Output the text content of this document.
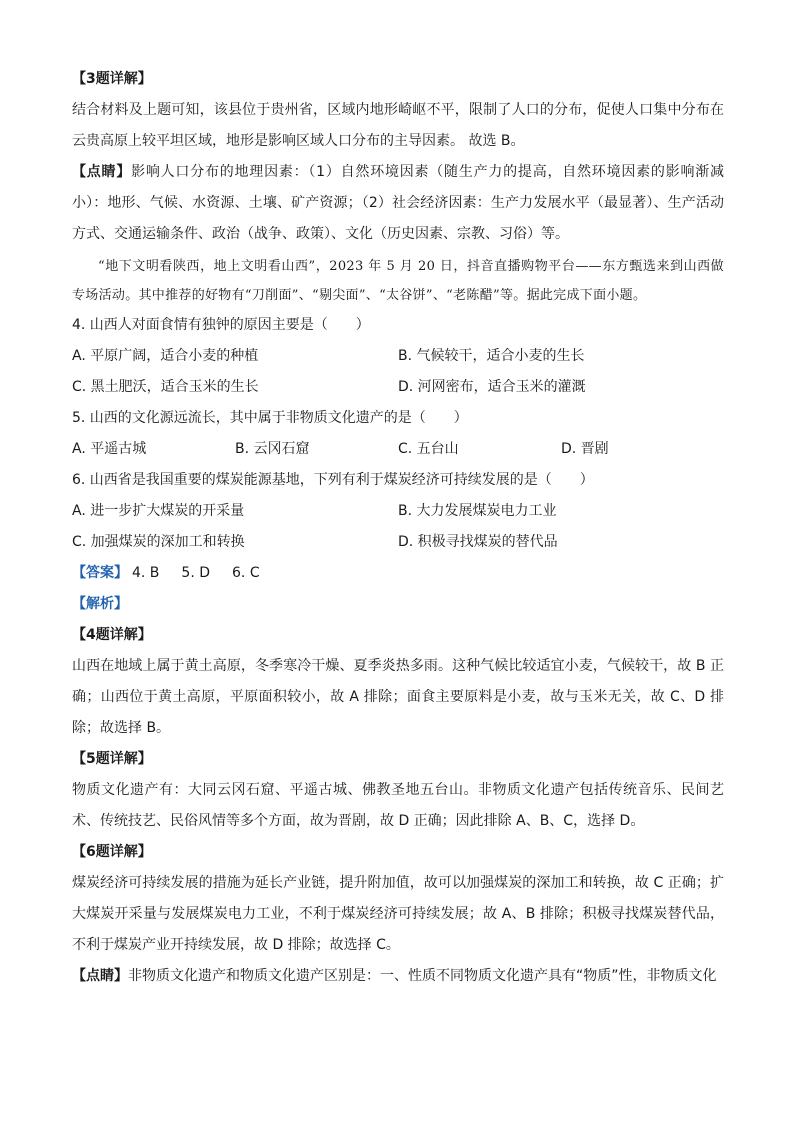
【3题详解】

结合材料及上题可知，该县位于贵州省，区域内地形崎岖不平，限制了人口的分布，促使人口集中分布在云贵高原上较平坦区域，地形是影响区域人口分布的主导因素。 故选 B。

【点睛】影响人口分布的地理因素：（1）自然环境因素（随生产力的提高，自然环境因素的影响渐减小）：地形、气候、水资源、土壤、矿产资源；（2）社会经济因素：生产力发展水平（最显著）、生产活动方式、交通运输条件、政治（战争、政策）、文化（历史因素、宗教、习俗）等。

“地下文明看陕西，地上文明看山西”，2023 年 5 月 20 日，抖音直播购物平台——东方甄选来到山西做专场活动。其中推荐的好物有“刀削面”、“剔尖面”、“太谷饼”、“老陈醋”等。据此完成下面小题。

4. 山西人对面食情有独钟的原因主要是（　　）

A. 平原广阔，适合小麦的种植	B. 气候较干，适合小麦的生长
C. 黑土肥沃，适合玉米的生长	D. 河网密布，适合玉米的灌溉

5. 山西的文化源远流长，其中属于非物质文化遗产的是（　　）

A. 平遥古城	B. 云冈石窟	C. 五台山	D. 晋剧

6. 山西省是我国重要的煤炭能源基地，下列有利于煤炭经济可持续发展的是（　　）

A. 进一步扩大煤炭的开采量	B. 大力发展煤炭电力工业
C. 加强煤炭的深加工和转换	D. 积极寻找煤炭的替代品
【答案】 4. B 5. D 6. C

【解析】

【4题详解】

山西在地域上属于黄土高原，冬季寒冷干燥、夏季炎热多雨。这种气候比较适宜小麦，气候较干，故 B 正确；山西位于黄土高原，平原面积较小，故 A 排除；面食主要原料是小麦，故与玉米无关，故 C、D 排除；故选择 B。

【5题详解】

物质文化遗产有：大同云冈石窟、平遥古城、佛教圣地五台山。非物质文化遗产包括传统音乐、民间艺术、传统技艺、民俗风情等多个方面，故为晋剧，故 D 正确；因此排除 A、B、C，选择 D。

【6题详解】

煤炭经济可持续发展的措施为延长产业链，提升附加值，故可以加强煤炭的深加工和转换，故 C 正确；扩大煤炭开采量与发展煤炭电力工业，不利于煤炭经济可持续发展；故 A、B 排除；积极寻找煤炭替代品，不利于煤炭产业开持续发展，故 D 排除；故选择 C。

【点睛】非物质文化遗产和物质文化遗产区别是：一、性质不同物质文化遗产具有“物质”性，非物质文化
